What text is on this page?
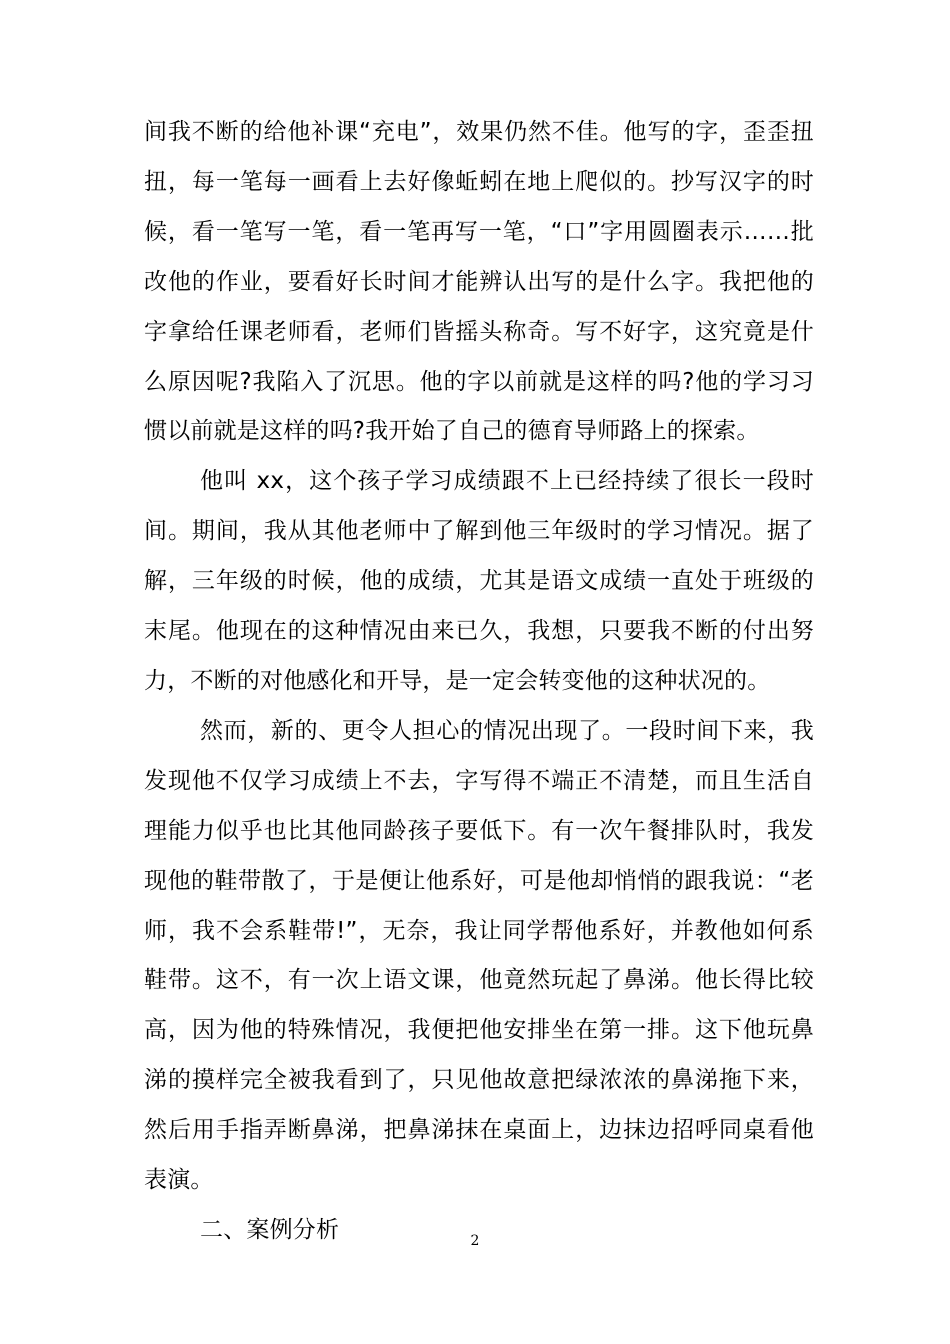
间我不断的给他补课“充电”，效果仍然不佳。他写的字，歪歪扭扭，每一笔每一画看上去好像蚯蚓在地上爬似的。抄写汉字的时候，看一笔写一笔，看一笔再写一笔，“口”字用圆圈表示……批改他的作业，要看好长时间才能辨认出写的是什么字。我把他的字拿给任课老师看，老师们皆摇头称奇。写不好字，这究竟是什么原因呢?我陷入了沉思。他的字以前就是这样的吗?他的学习习惯以前就是这样的吗?我开始了自己的德育导师路上的探索。

他叫 xx，这个孩子学习成绩跟不上已经持续了很长一段时间。期间，我从其他老师中了解到他三年级时的学习情况。据了解，三年级的时候，他的成绩，尤其是语文成绩一直处于班级的末尾。他现在的这种情况由来已久，我想，只要我不断的付出努力，不断的对他感化和开导，是一定会转变他的这种状况的。

然而，新的、更令人担心的情况出现了。一段时间下来，我发现他不仅学习成绩上不去，字写得不端正不清楚，而且生活自理能力似乎也比其他同龄孩子要低下。有一次午餐排队时，我发现他的鞋带散了，于是便让他系好，可是他却悄悄的跟我说：“老师，我不会系鞋带!”，无奈，我让同学帮他系好，并教他如何系鞋带。这不，有一次上语文课，他竟然玩起了鼻涕。他长得比较高，因为他的特殊情况，我便把他安排坐在第一排。这下他玩鼻涕的摸样完全被我看到了，只见他故意把绿浓浓的鼻涕拖下来，然后用手指弄断鼻涕，把鼻涕抹在桌面上，边抹边招呼同桌看他表演。

二、案例分析	2
